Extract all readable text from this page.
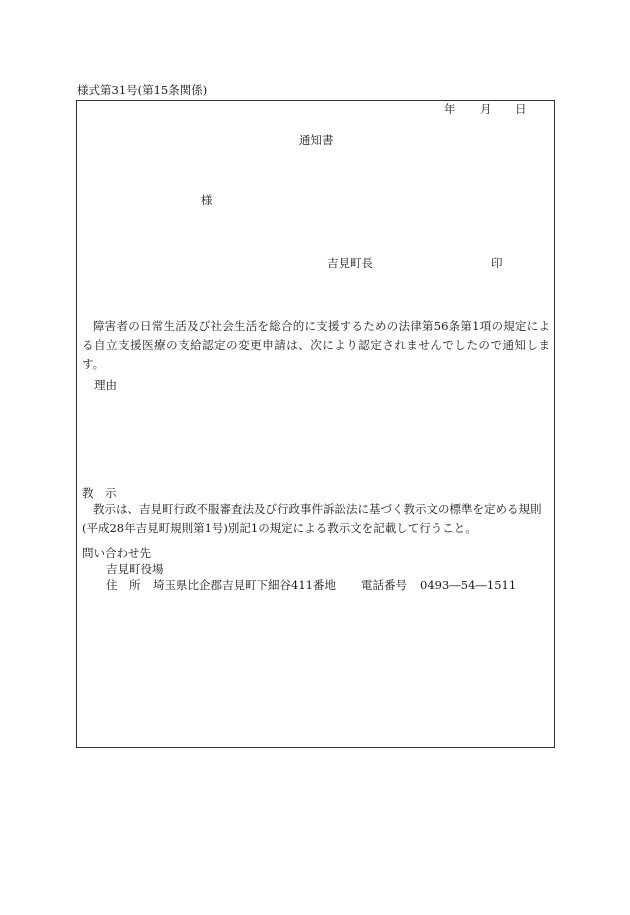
様式第31号(第15条関係)
年 月 日
通知書
様
吉見町長	印
障害者の日常生活及び社会生活を総合的に支援するための法律第56条第1項の規定による自立支援医療の支給認定の変更申請は、次により認定されませんでしたので通知します。
理由
教　示
教示は、吉見町行政不服審査法及び行政事件訴訟法に基づく教示文の標準を定める規則(平成28年吉見町規則第1号)別記1の規定による教示文を記載して行うこと。
問い合わせ先
吉見町役場
住　所 埼玉県比企郡吉見町下細谷411番地 電話番号 0493―54―1511
